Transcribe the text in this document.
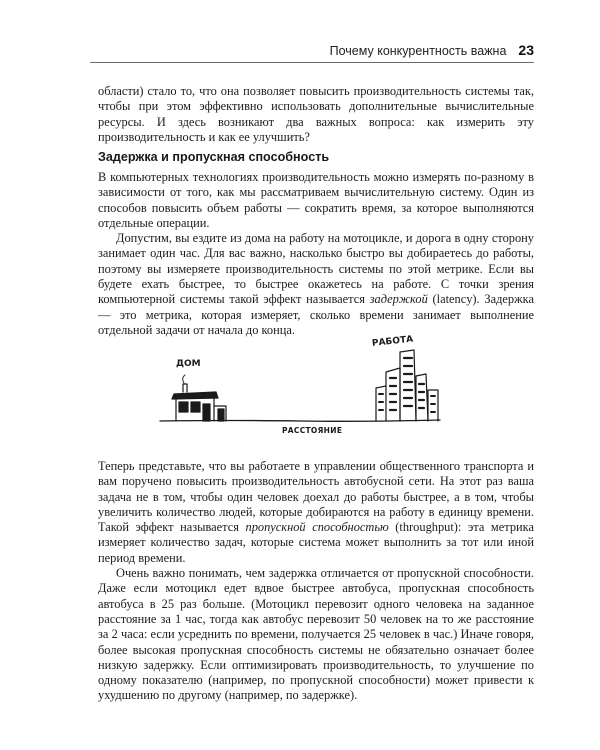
Почему конкурентность важна 23

области) стало то, что она позволяет повысить производительность системы так, чтобы при этом эффективно использовать дополнительные вычислительные ресурсы. И здесь возникают два важных вопроса: как измерить эту производительность и как ее улучшить?

Задержка и пропускная способность

В компьютерных технологиях производительность можно измерять по-разному в зависимости от того, как мы рассматриваем вычислительную систему. Один из способов повысить объем работы — сократить время, за которое выполняются отдельные операции.

Допустим, вы ездите из дома на работу на мотоцикле, и дорога в одну сторону занимает один час. Для вас важно, насколько быстро вы добираетесь до работы, поэтому вы измеряете производительность системы по этой метрике. Если вы будете ехать быстрее, то быстрее окажетесь на работе. С точки зрения компьютерной системы такой эффект называется задержкой (latency). Задержка — это метрика, которая измеряет, сколько времени занимает выполнение отдельной задачи от начала до конца.

ДОМ
РАБОТА
РАССТОЯНИЕ

Теперь представьте, что вы работаете в управлении общественного транспорта и вам поручено повысить производительность автобусной сети. На этот раз ваша задача не в том, чтобы один человек доехал до работы быстрее, а в том, чтобы увеличить количество людей, которые добираются на работу в единицу времени. Такой эффект называется пропускной способностью (throughput): эта метрика измеряет количество задач, которые система может выполнить за тот или иной период времени.

Очень важно понимать, чем задержка отличается от пропускной способности. Даже если мотоцикл едет вдвое быстрее автобуса, пропускная способность автобуса в 25 раз больше. (Мотоцикл перевозит одного человека на заданное расстояние за 1 час, тогда как автобус перевозит 50 человек на то же расстояние за 2 часа: если усреднить по времени, получается 25 человек в час.) Иначе говоря, более высокая пропускная способность системы не обязательно означает более низкую задержку. Если оптимизировать производительность, то улучшение по одному показателю (например, по пропускной способности) может привести к ухудшению по другому (например, по задержке).
